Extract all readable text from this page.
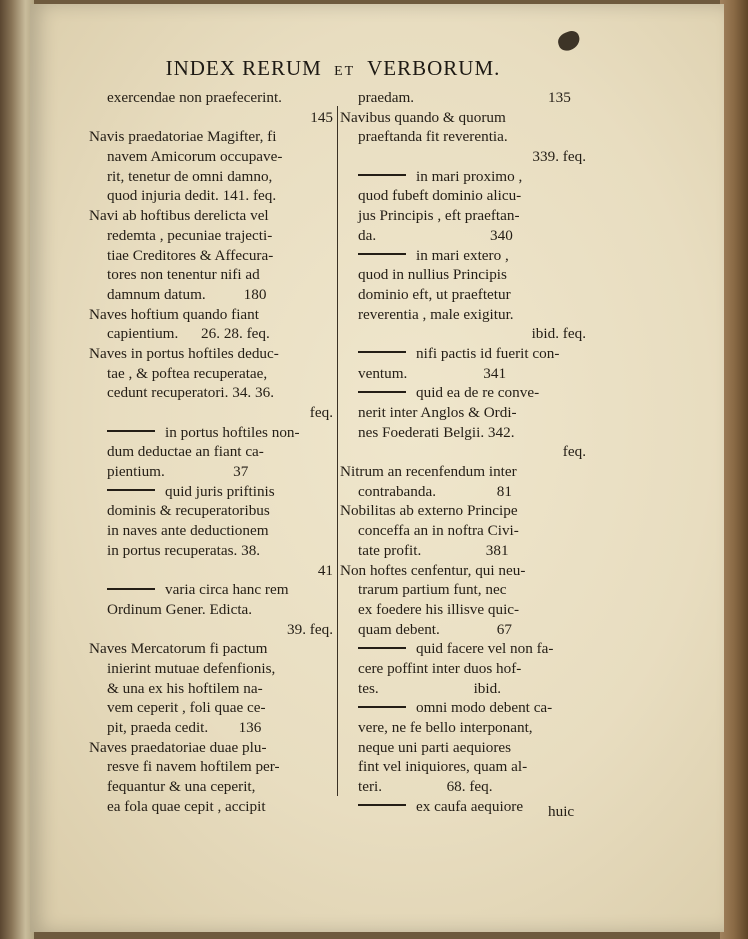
INDEX RERUM ET VERBORUM.
exercendae non praefecerint.
145
Navis praedatoriae Magifter, fi
navem Amicorum occupave-
rit, tenetur de omni damno,
quod injuria dedit. 141. feq.
Navi ab hoftibus derelicta vel
redemta , pecuniae trajecti-
tiae Creditores & Affecura-
tores non tenentur nifi ad
damnum datum.          180
Naves hoftium quando fiant
capientium.      26. 28. feq.
Naves in portus hoftiles deduc-
tae , & poftea recuperatae,
cedunt recuperatori. 34. 36.
feq.
in portus hoftiles non-
dum deductae an fiant ca-
pientium.                  37
quid juris priftinis
dominis & recuperatoribus
in naves ante deductionem
in portus recuperatas. 38.
41
varia circa hanc rem
Ordinum Gener. Edicta.
39. feq.
Naves Mercatorum fi pactum
inierint mutuae defenfionis,
& una ex his hoftilem na-
vem ceperit , foli quae ce-
pit, praeda cedit.        136
Naves praedatoriae duae plu-
resve fi navem hoftilem per-
fequantur & una ceperit,
ea fola quae cepit , accipit
praedam.
Navibus quando & quorum
praeftanda fit reverentia.
339. feq.
in mari proximo ,
quod fubeft dominio alicu-
jus Principis , eft praeftan-
da.                              340
in mari extero ,
quod in nullius Principis
dominio eft, ut praeftetur
reverentia , male exigitur.
ibid. feq.
nifi pactis id fuerit con-
ventum.                    341
quid ea de re conve-
nerit inter Anglos & Ordi-
nes Foederati Belgii. 342.
feq.
Nitrum an recenfendum inter
contrabanda.                81
Nobilitas ab externo Principe
conceffa an in noftra Civi-
tate profit.                 381
Non hoftes cenfentur, qui neu-
trarum partium funt, nec
ex foedere his illisve quic-
quam debent.               67
quid facere vel non fa-
cere poffint inter duos hof-
tes.                         ibid.
omni modo debent ca-
vere, ne fe bello interponant,
neque uni parti aequiores
fint vel iniquiores, quam al-
teri.                 68. feq.
ex caufa aequiore
135
huic
